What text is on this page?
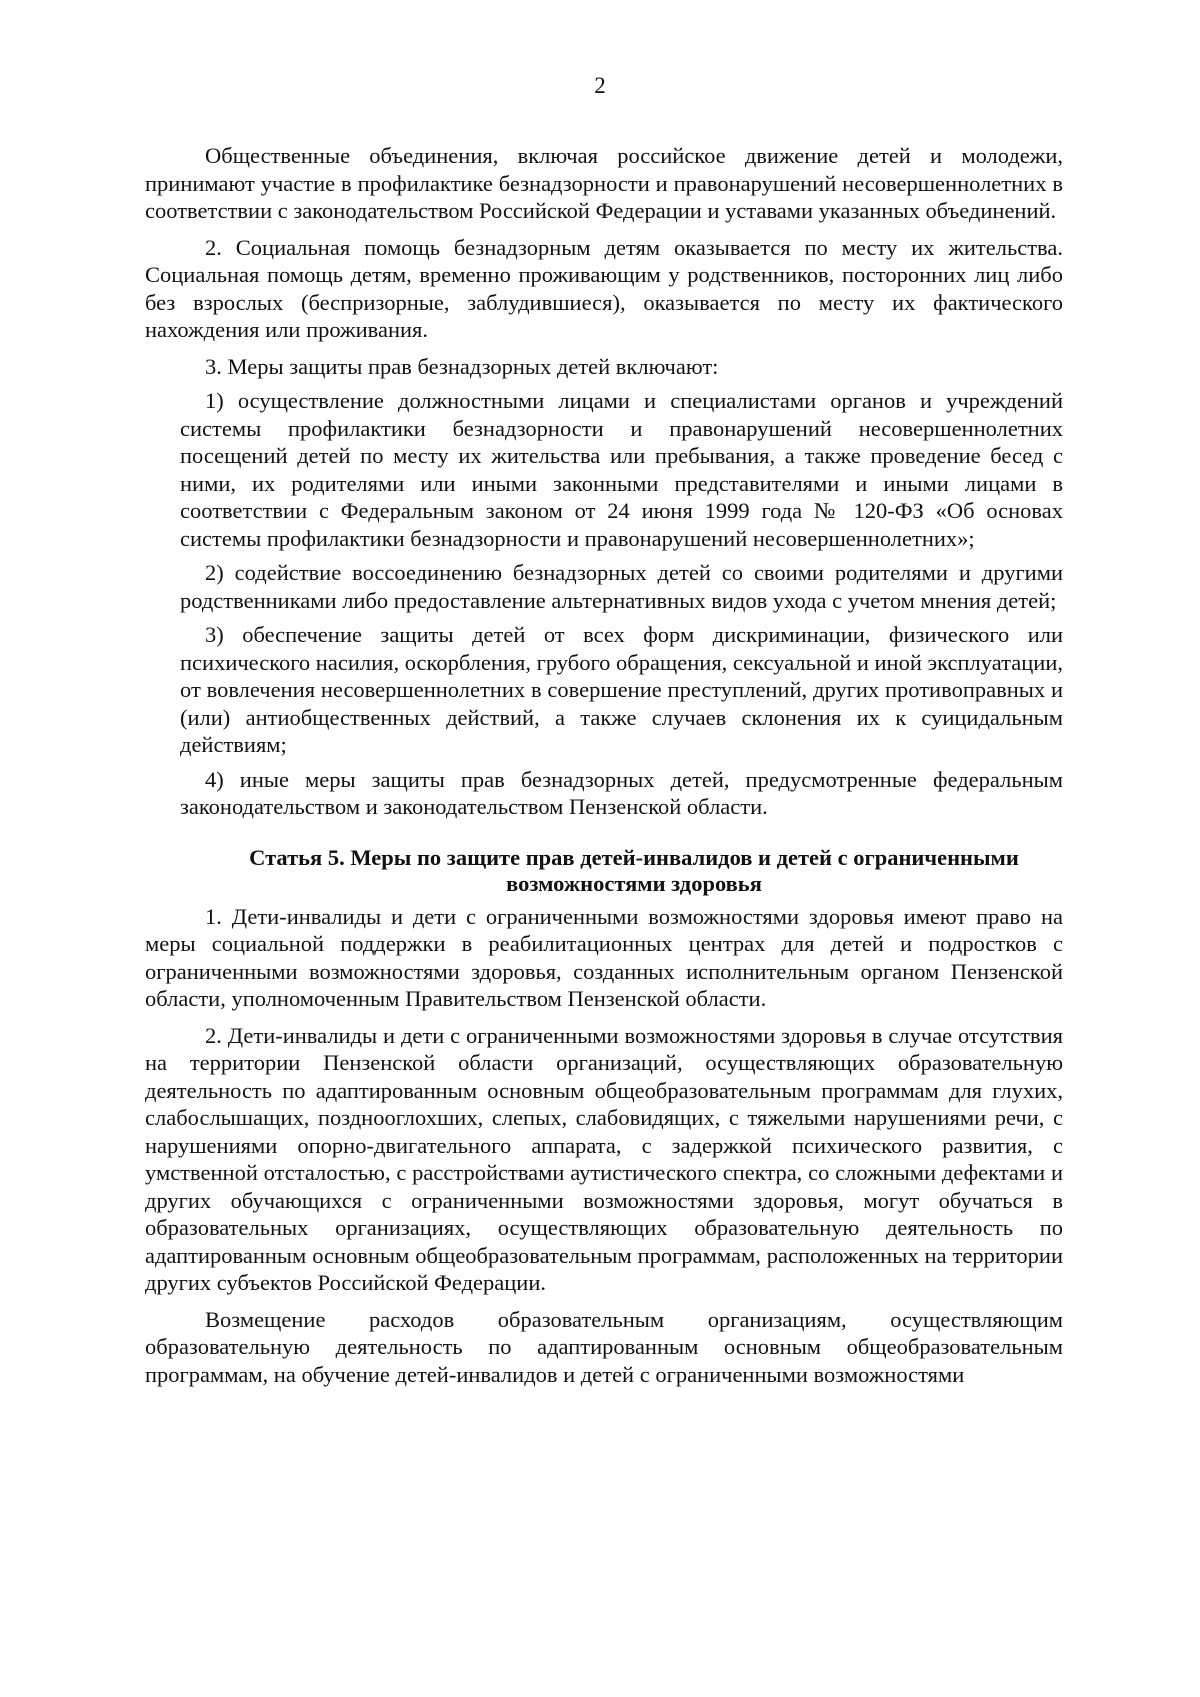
2

Общественные объединения, включая российское движение детей и молодежи, принимают участие в профилактике безнадзорности и правонарушений несовершеннолетних в соответствии с законодательством Российской Федерации и уставами указанных объединений.

2. Социальная помощь безнадзорным детям оказывается по месту их жительства. Социальная помощь детям, временно проживающим у родственников, посторонних лиц либо без взрослых (беспризорные, заблудившиеся), оказывается по месту их фактического нахождения или проживания.

3. Меры защиты прав безнадзорных детей включают:

1) осуществление должностными лицами и специалистами органов и учреждений системы профилактики безнадзорности и правонарушений несовершеннолетних посещений детей по месту их жительства или пребывания, а также проведение бесед с ними, их родителями или иными законными представителями и иными лицами в соответствии с Федеральным законом от 24 июня 1999 года № 120-ФЗ «Об основах системы профилактики безнадзорности и правонарушений несовершеннолетних»;

2) содействие воссоединению безнадзорных детей со своими родителями и другими родственниками либо предоставление альтернативных видов ухода с учетом мнения детей;

3) обеспечение защиты детей от всех форм дискриминации, физического или психического насилия, оскорбления, грубого обращения, сексуальной и иной эксплуатации, от вовлечения несовершеннолетних в совершение преступлений, других противоправных и (или) антиобщественных действий, а также случаев склонения их к суицидальным действиям;

4) иные меры защиты прав безнадзорных детей, предусмотренные федеральным законодательством и законодательством Пензенской области.

Статья 5. Меры по защите прав детей-инвалидов и детей с ограниченными
возможностями здоровья

1. Дети-инвалиды и дети с ограниченными возможностями здоровья имеют право на меры социальной поддержки в реабилитационных центрах для детей и подростков с ограниченными возможностями здоровья, созданных исполнительным органом Пензенской области, уполномоченным Правительством Пензенской области.

2. Дети-инвалиды и дети с ограниченными возможностями здоровья в случае отсутствия на территории Пензенской области организаций, осуществляющих образовательную деятельность по адаптированным основным общеобразовательным программам для глухих, слабослышащих, позднооглохших, слепых, слабовидящих, с тяжелыми нарушениями речи, с нарушениями опорно-двигательного аппарата, с задержкой психического развития, с умственной отсталостью, с расстройствами аутистического спектра, со сложными дефектами и других обучающихся с ограниченными возможностями здоровья, могут обучаться в образовательных организациях, осуществляющих образовательную деятельность по адаптированным основным общеобразовательным программам, расположенных на территории других субъектов Российской Федерации.

Возмещение расходов образовательным организациям, осуществляющим образовательную деятельность по адаптированным основным общеобразовательным программам, на обучение детей-инвалидов и детей с ограниченными возможностями
